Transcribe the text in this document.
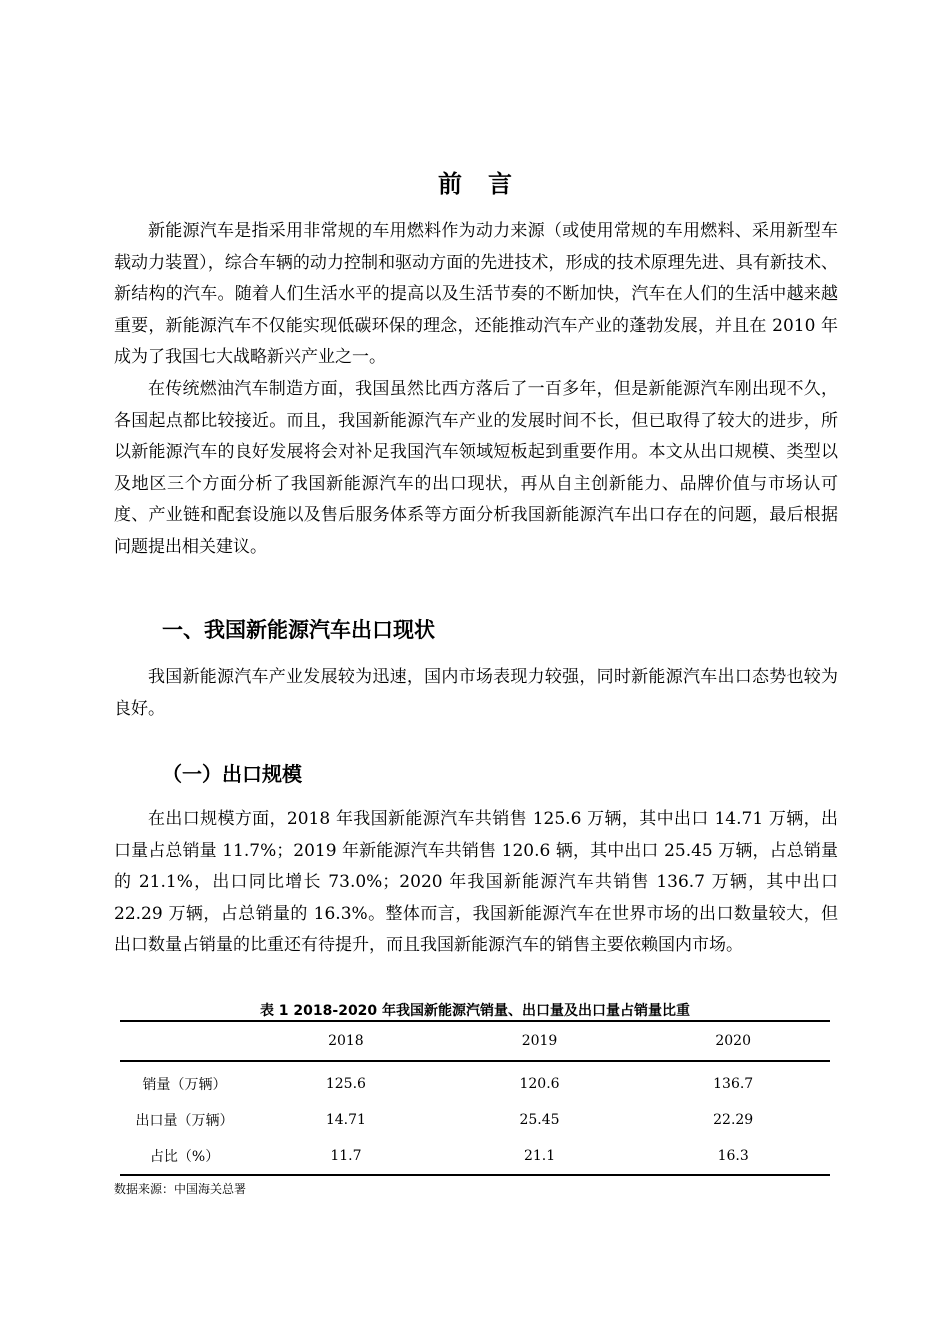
前言

新能源汽车是指采用非常规的车用燃料作为动力来源（或使用常规的车用燃料、采用新型车载动力装置），综合车辆的动力控制和驱动方面的先进技术，形成的技术原理先进、具有新技术、新结构的汽车。随着人们生活水平的提高以及生活节奏的不断加快，汽车在人们的生活中越来越重要，新能源汽车不仅能实现低碳环保的理念，还能推动汽车产业的蓬勃发展，并且在 2010 年成为了我国七大战略新兴产业之一。

在传统燃油汽车制造方面，我国虽然比西方落后了一百多年，但是新能源汽车刚出现不久，各国起点都比较接近。而且，我国新能源汽车产业的发展时间不长，但已取得了较大的进步，所以新能源汽车的良好发展将会对补足我国汽车领域短板起到重要作用。本文从出口规模、类型以及地区三个方面分析了我国新能源汽车的出口现状，再从自主创新能力、品牌价值与市场认可度、产业链和配套设施以及售后服务体系等方面分析我国新能源汽车出口存在的问题，最后根据问题提出相关建议。

一、我国新能源汽车出口现状

我国新能源汽车产业发展较为迅速，国内市场表现力较强，同时新能源汽车出口态势也较为良好。

（一）出口规模

在出口规模方面，2018 年我国新能源汽车共销售 125.6 万辆，其中出口 14.71 万辆，出口量占总销量 11.7%；2019 年新能源汽车共销售 120.6 辆，其中出口 25.45 万辆，占总销量的 21.1%，出口同比增长 73.0%；2020 年我国新能源汽车共销售 136.7 万辆，其中出口 22.29 万辆，占总销量的 16.3%。整体而言，我国新能源汽车在世界市场的出口数量较大，但出口数量占销量的比重还有待提升，而且我国新能源汽车的销售主要依赖国内市场。

表 1 2018-2020 年我国新能源汽销量、出口量及出口量占销量比重
	2018	2019	2020
销量（万辆）	125.6	120.6	136.7
出口量（万辆）	14.71	25.45	22.29
占比（%）	11.7	21.1	16.3
数据来源：中国海关总署
